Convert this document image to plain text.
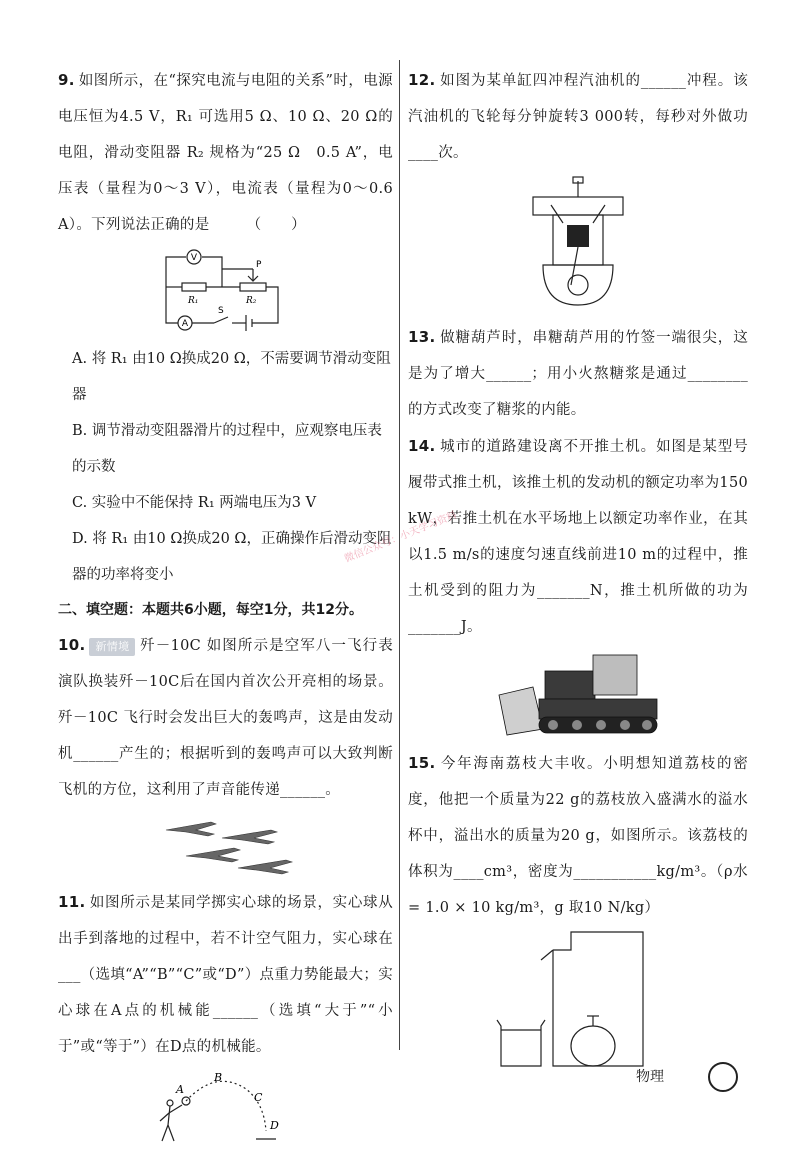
9. 如图所示，在“探究电流与电阻的关系”时，电源电压恒为4.5 V，R₁ 可选用5 Ω、10 Ω、20 Ω的电阻，滑动变阻器 R₂ 规格为“25 Ω　0.5 A”，电压表（量程为0～3 V），电流表（量程为0～0.6 A）。下列说法正确的是　　　（　　）
V
A
R₁	R₂
P
S
A. 将 R₁ 由10 Ω换成20 Ω，不需要调节滑动变阻器
B. 调节滑动变阻器滑片的过程中，应观察电压表的示数
C. 实验中不能保持 R₁ 两端电压为3 V
D. 将 R₁ 由10 Ω换成20 Ω，正确操作后滑动变阻器的功率将变小
二、填空题：本题共6小题，每空1分，共12分。
10. 新情境 歼－10C 如图所示是空军八一飞行表演队换装歼－10C后在国内首次公开亮相的场景。歼－10C 飞行时会发出巨大的轰鸣声，这是由发动机______产生的；根据听到的轰鸣声可以大致判断飞机的方位，这利用了声音能传递______。
11. 如图所示是某同学掷实心球的场景，实心球从出手到落地的过程中，若不计空气阻力，实心球在___（选填“A”“B”“C”或“D”）点重力势能最大；实心球在A点的机械能______（选填“大于”“小于”或“等于”）在D点的机械能。
A
B
C
D
12. 如图为某单缸四冲程汽油机的______冲程。该汽油机的飞轮每分钟旋转3 000转，每秒对外做功____次。
13. 做糖葫芦时，串糖葫芦用的竹签一端很尖，这是为了增大______；用小火熬糖浆是通过________的方式改变了糖浆的内能。
14. 城市的道路建设离不开推土机。如图是某型号履带式推土机，该推土机的发动机的额定功率为150 kW，若推土机在水平场地上以额定功率作业，在其以1.5 m/s的速度匀速直线前进10 m的过程中，推土机受到的阻力为_______N，推土机所做的功为_______J。
15. 今年海南荔枝大丰收。小明想知道荔枝的密度，他把一个质量为22 g的荔枝放入盛满水的溢水杯中，溢出水的质量为20 g，如图所示。该荔枝的体积为____cm³，密度为___________kg/m³。（ρ水 = 1.0 × 10 kg/m³，g 取10 N/kg）
微信公众号：小天学习资料
物理
